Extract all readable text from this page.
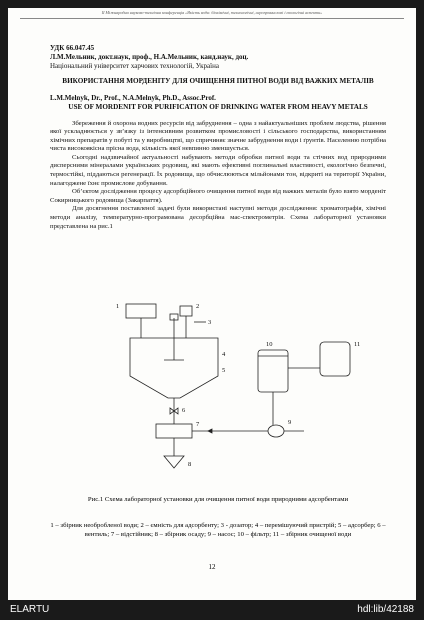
ІІ Міжнародна науково-технічна конференція «Якість води: біохімічні, технологічні, агропромислові і екологічні аспекти»

УДК 66.047.45

Л.М.Мельник, докт.наук, проф., Н.А.Мельник, канд.наук, доц.

Національний університет харчових технологій, Україна

ВИКОРИСТАННЯ МОРДЕНІТУ ДЛЯ ОЧИЩЕННЯ ПИТНОЇ ВОДИ ВІД ВАЖКИХ МЕТАЛІВ

L.M.Melnyk, Dr., Prof., N.A.Melnyk, Ph.D., Assoc.Prof.

USE OF MORDENIT FOR PURIFICATION OF DRINKING WATER FROM HEAVY METALS

Збереження й охорона водних ресурсів від забруднення – одна з найактуальніших проблем людства, рішення якої ускладнюється у зв’язку із інтенсивним розвитком промисловості і сільського господарства, використанням хімічних препаратів у побуті та у виробництві, що спричиняє значне забруднення води і ґрунтів. Населенню потрібна чиста високоякісна прісна вода, кількість якої невпинно зменшується.

Сьогодні надзвичайної актуальності набувають методи обробки питної води та стічних вод природними дисперсними мінералами українських родовищ, які мають ефективні поглинальні властивості, екологічно безпечні, термостійкі, піддаються регенерації. Їх родовища, що обчислюються мільйонами тон, відкриті на території України, налагоджене їхнє промислове добування.

Об’єктом дослідження процесу адсорбційного очищення питної води від важких металів було взято морденіт Сокирницького родовища (Закарпаття).

Для досягнення поставленої задачі були використані наступні методи дослідження: хроматографія, хімічні методи аналізу, температурно-програмована десорбційна мас-спектрометрія. Схема лабораторної установки представлена на рис.1

1	2
3
4
5
6
7
8
9
10	11
Рис.1 Схема лабораторної установки для очищення питної води природними адсорбентами
1 – збірник необробленої води; 2 – ємність для адсорбенту; 3 - дозатор; 4 – перемішуючий пристрій; 5 – адсорбер; 6 – вентиль; 7 – відстійник; 8 – збірник осаду; 9 – насос; 10 – фільтр; 11 – збірник очищеної води
12
ELARTU	hdl:lib/42188
